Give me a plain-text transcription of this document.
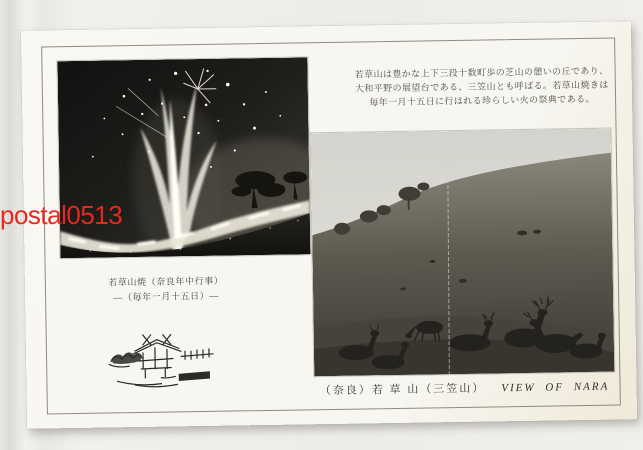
若草山は豊かな上下三段十数町歩の芝山の憩いの丘であり、
大和平野の展望台である、三笠山とも呼ばる。若草山焼きは
毎年一月十五日に行はれる珍らしい火の祭典である。
若草山焼（奈良年中行事）
―（毎年一月十五日）―
（奈良）若 草 山（三笠山） VIEW OF NARA
postal0513
